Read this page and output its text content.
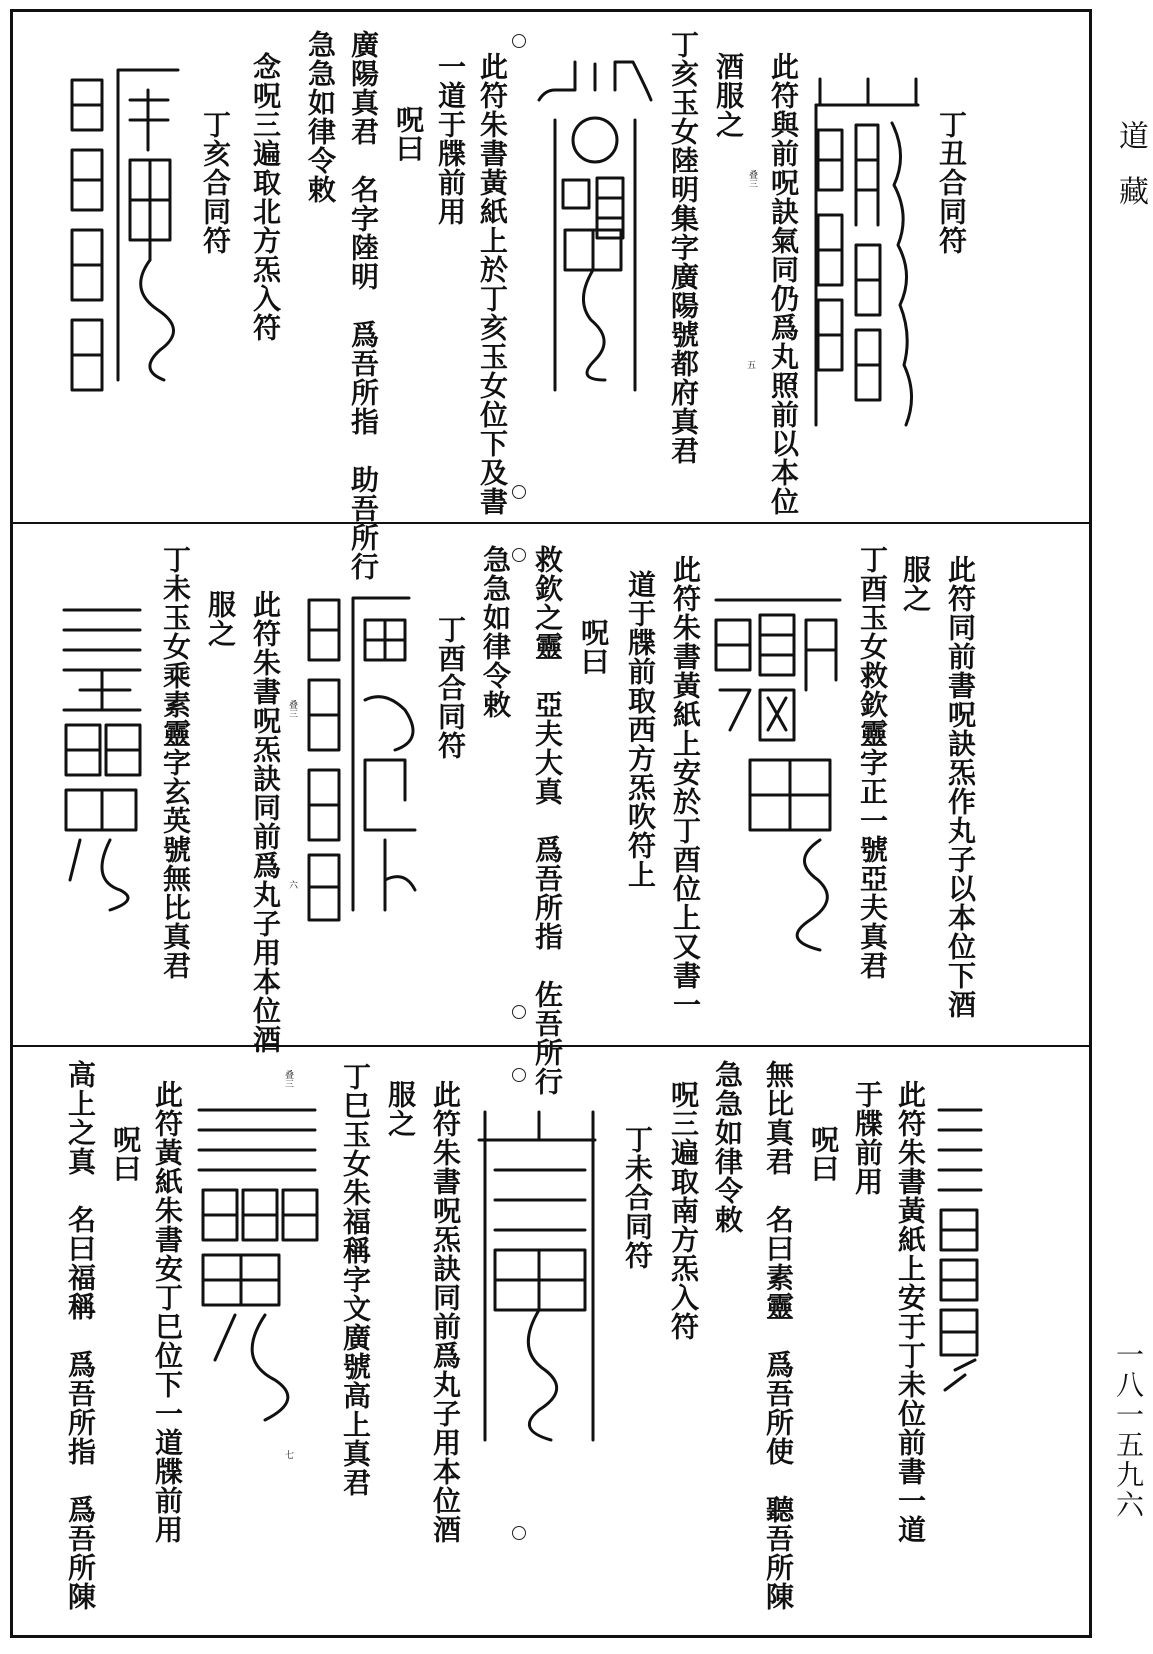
道 藏
一八一五九六
丁丑合同符
此符與前呪訣氣同仍爲丸照前以本位
酒服之
叠三
五
丁亥玉女陸明集字廣陽號都府真君
此符朱書黃紙上於丁亥玉女位下及書
一道于牒前用
呪曰
廣陽真君　名字陸明　爲吾所指　助吾所行
急急如律令敕
念呪三遍取北方炁入符
丁亥合同符
此符同前書呪訣炁作丸子以本位下酒
服之
丁酉玉女救欽靈字正一號亞夫真君
此符朱書黃紙上安於丁酉位上又書一
道于牒前取西方炁吹符上
呪曰
救欽之靈　亞夫大真　爲吾所指　佐吾所行
急急如律令敕
丁酉合同符
叠三
六
此符朱書呪炁訣同前爲丸子用本位酒
服之
丁未玉女乘素靈字玄英號無比真君
此符朱書黃紙上安于丁未位前書一道
于牒前用
呪曰
無比真君　名曰素靈　爲吾所使　聽吾所陳
急急如律令敕
呪三遍取南方炁入符
丁未合同符
此符朱書呪炁訣同前爲丸子用本位酒
服之
丁巳玉女朱福稱字文廣號高上真君
叠三
七
此符黃紙朱書安丁巳位下一道牒前用
呪曰
高上之真　名曰福稱　爲吾所指　爲吾所陳
